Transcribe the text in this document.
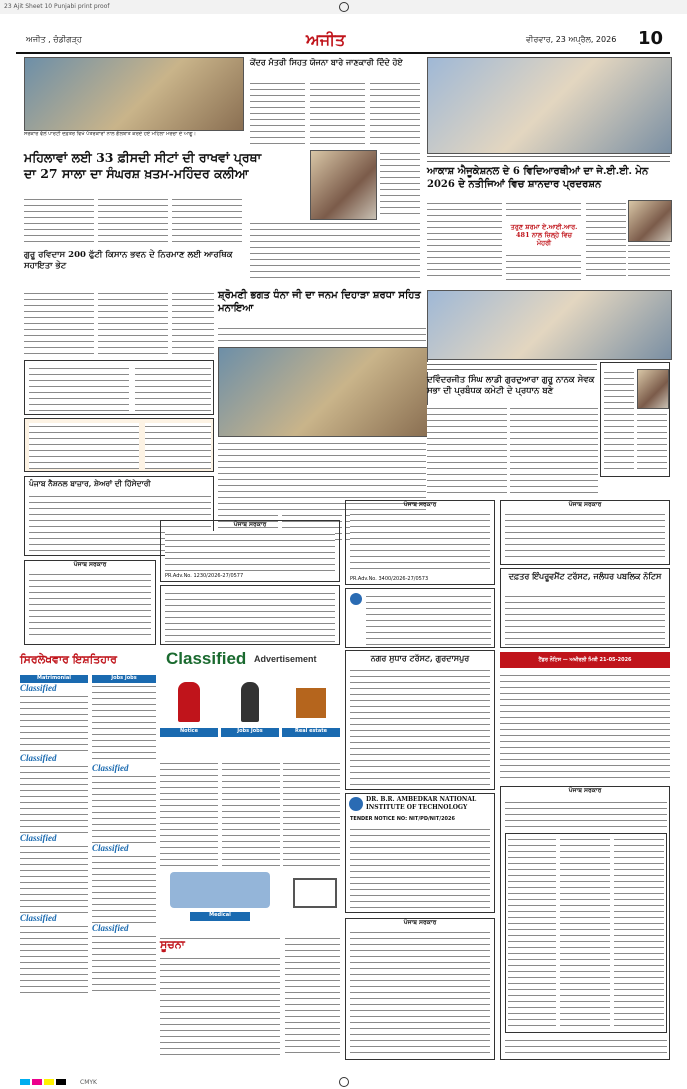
23 Ajit Sheet 10 Punjabi print proof
ਅਜੀਤ , ਚੰਡੀਗੜ੍ਹ	ਅਜੀਤ	ਵੀਰਵਾਰ, 23 ਅਪ੍ਰੈਲ, 2026 10
ਸਰਕਾਰ ਵੱਲੋਂ ਪਾਰਟੀ ਦਫ਼ਤਰ ਵਿਖੇ ਪੱਤਰਕਾਰਾਂ ਨਾਲ ਗੱਲਬਾਤ ਕਰਦੇ ਹੋਏ ਮਹਿਲਾ ਮੋਰਚਾ ਦੇ ਆਗੂ।
ਕੇਂਦਰ ਮੰਤਰੀ ਸਿਹਤ ਯੋਜਨਾ ਬਾਰੇ ਜਾਣਕਾਰੀ ਦਿੰਦੇ ਹੋਏ
ਮਹਿਲਾਵਾਂ ਲਈ 33 ਫ਼ੀਸਦੀ ਸੀਟਾਂ ਦੀ ਰਾਖਵਾਂ ਪ੍ਰਥਾ ਦਾ 27 ਸਾਲਾ ਦਾ ਸੰਘਰਸ਼ ਖ਼ਤਮ-ਮਹਿੰਦਰ ਕਲੀਆ
ਗੁਰੂ ਰਵਿਦਾਸ 200 ਫੁੱਟੀ ਕਿਸਾਨ ਭਵਨ ਦੇ ਨਿਰਮਾਣ ਲਈ ਆਰਥਿਕ ਸਹਾਇਤਾ ਭੇਟ
ਆਕਾਸ਼ ਐਜੂਕੇਸ਼ਨਲ ਦੇ 6 ਵਿਦਿਆਰਥੀਆਂ ਦਾ ਜੇ.ਈ.ਈ. ਮੇਨ 2026 ਦੇ ਨਤੀਜਿਆਂ ਵਿਚ ਸ਼ਾਨਦਾਰ ਪ੍ਰਦਰਸ਼ਨ
ਤਰੁਣ ਸ਼ਰਮਾ ਏ.ਆਈ.ਆਰ. 481 ਨਾਲ ਜ਼ਿਲ੍ਹੇ ਵਿਚ ਮੋਹਰੀ
ਸ਼੍ਰੋਮਣੀ ਭਗਤ ਧੰਨਾ ਜੀ ਦਾ ਜਨਮ ਦਿਹਾੜਾ ਸ਼ਰਧਾ ਸਹਿਤ ਮਨਾਇਆ
ਦਵਿੰਦਰਜੀਤ ਸਿੰਘ ਲਾਡੀ ਗੁਰਦੁਆਰਾ ਗੁਰੂ ਨਾਨਕ ਸੇਵਕ ਸਭਾ ਦੀ ਪ੍ਰਬੰਧਕ ਕਮੇਟੀ ਦੇ ਪ੍ਰਧਾਨ ਬਣੇ
ਪੰਜਾਬ ਨੈਸ਼ਨਲ ਬਾਜ਼ਾਰ, ਸ਼ੇਅਰਾਂ ਦੀ ਹਿੱਸੇਦਾਰੀ
ਪੰਜਾਬ ਸਰਕਾਰ
PR.Adv.No. 1230/2026-27/0577
ਪੰਜਾਬ ਸਰਕਾਰ
ਪੰਜਾਬ ਸਰਕਾਰ
PR.Adv.No. 3400/2026-27/0573
ਪੰਜਾਬ ਸਰਕਾਰ
ਦਫ਼ਤਰ ਇੰਪਰੂਵਮੈਂਟ ਟਰੱਸਟ, ਜਲੰਧਰ ਪਬਲਿਕ ਨੋਟਿਸ
ਸਿਰਲੇਖਵਾਰ ਇਸ਼ਤਿਹਾਰ	Classified Advertisement
Matrimonial
Classified
Classified
Classified
Classified
Jobs Jobs
Classified
Classified
Classified
Notice	Jobs Jobs	Real estate
Medical
ਸੂਚਨਾ
ਨਗਰ ਸੁਧਾਰ ਟਰੱਸਟ, ਗੁਰਦਾਸਪੁਰ	ਟੈਂਡਰ ਨੋਟਿਸ — ਅਖੀਰਲੀ ਮਿਤੀ 21-05-2026
DR. B.R. AMBEDKAR NATIONAL INSTITUTE OF TECHNOLOGY
TENDER NOTICE NO: NIT/PD/NIT/2026
ਪੰਜਾਬ ਸਰਕਾਰ
ਪੰਜਾਬ ਸਰਕਾਰ
CMYK
